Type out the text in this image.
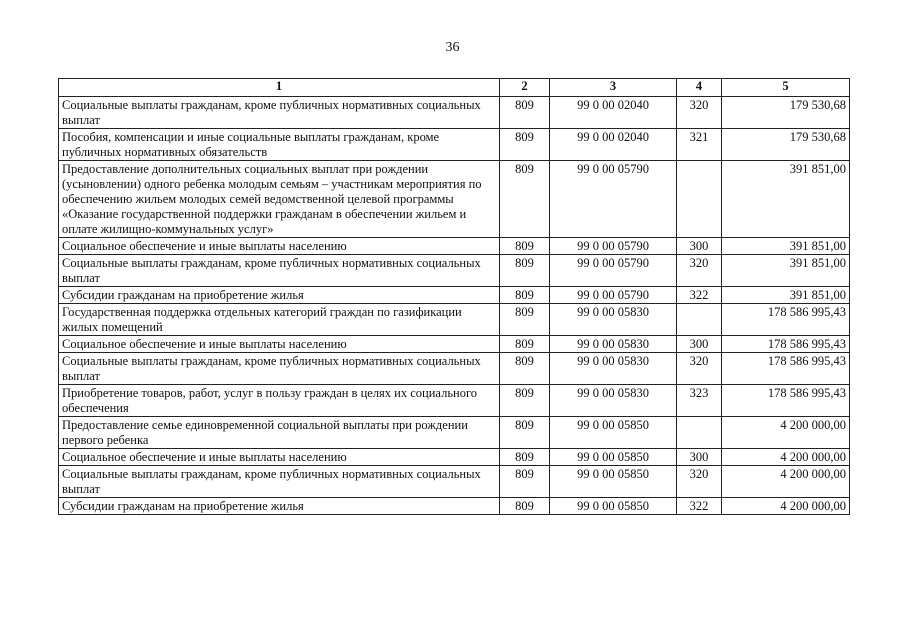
36
1	2	3	4	5
Социальные выплаты гражданам, кроме публичных нормативных социальных выплат	809	99 0 00 02040	320	179 530,68
Пособия, компенсации и иные социальные выплаты гражданам, кроме публичных нормативных обязательств	809	99 0 00 02040	321	179 530,68
Предоставление дополнительных социальных выплат при рождении (усыновлении) одного ребенка молодым семьям – участникам мероприятия по обеспечению жильем молодых семей ведомственной целевой программы «Оказание государственной поддержки гражданам в обеспечении жильем и оплате жилищно-коммунальных услуг»	809	99 0 00 05790		391 851,00
Социальное обеспечение и иные выплаты населению	809	99 0 00 05790	300	391 851,00
Социальные выплаты гражданам, кроме публичных нормативных социальных выплат	809	99 0 00 05790	320	391 851,00
Субсидии гражданам на приобретение жилья	809	99 0 00 05790	322	391 851,00
Государственная поддержка отдельных категорий граждан по газификации жилых помещений	809	99 0 00 05830		178 586 995,43
Социальное обеспечение и иные выплаты населению	809	99 0 00 05830	300	178 586 995,43
Социальные выплаты гражданам, кроме публичных нормативных социальных выплат	809	99 0 00 05830	320	178 586 995,43
Приобретение товаров, работ, услуг в пользу граждан в целях их социального обеспечения	809	99 0 00 05830	323	178 586 995,43
Предоставление семье единовременной социальной выплаты при рождении первого ребенка	809	99 0 00 05850		4 200 000,00
Социальное обеспечение и иные выплаты населению	809	99 0 00 05850	300	4 200 000,00
Социальные выплаты гражданам, кроме публичных нормативных социальных выплат	809	99 0 00 05850	320	4 200 000,00
Субсидии гражданам на приобретение жилья	809	99 0 00 05850	322	4 200 000,00
